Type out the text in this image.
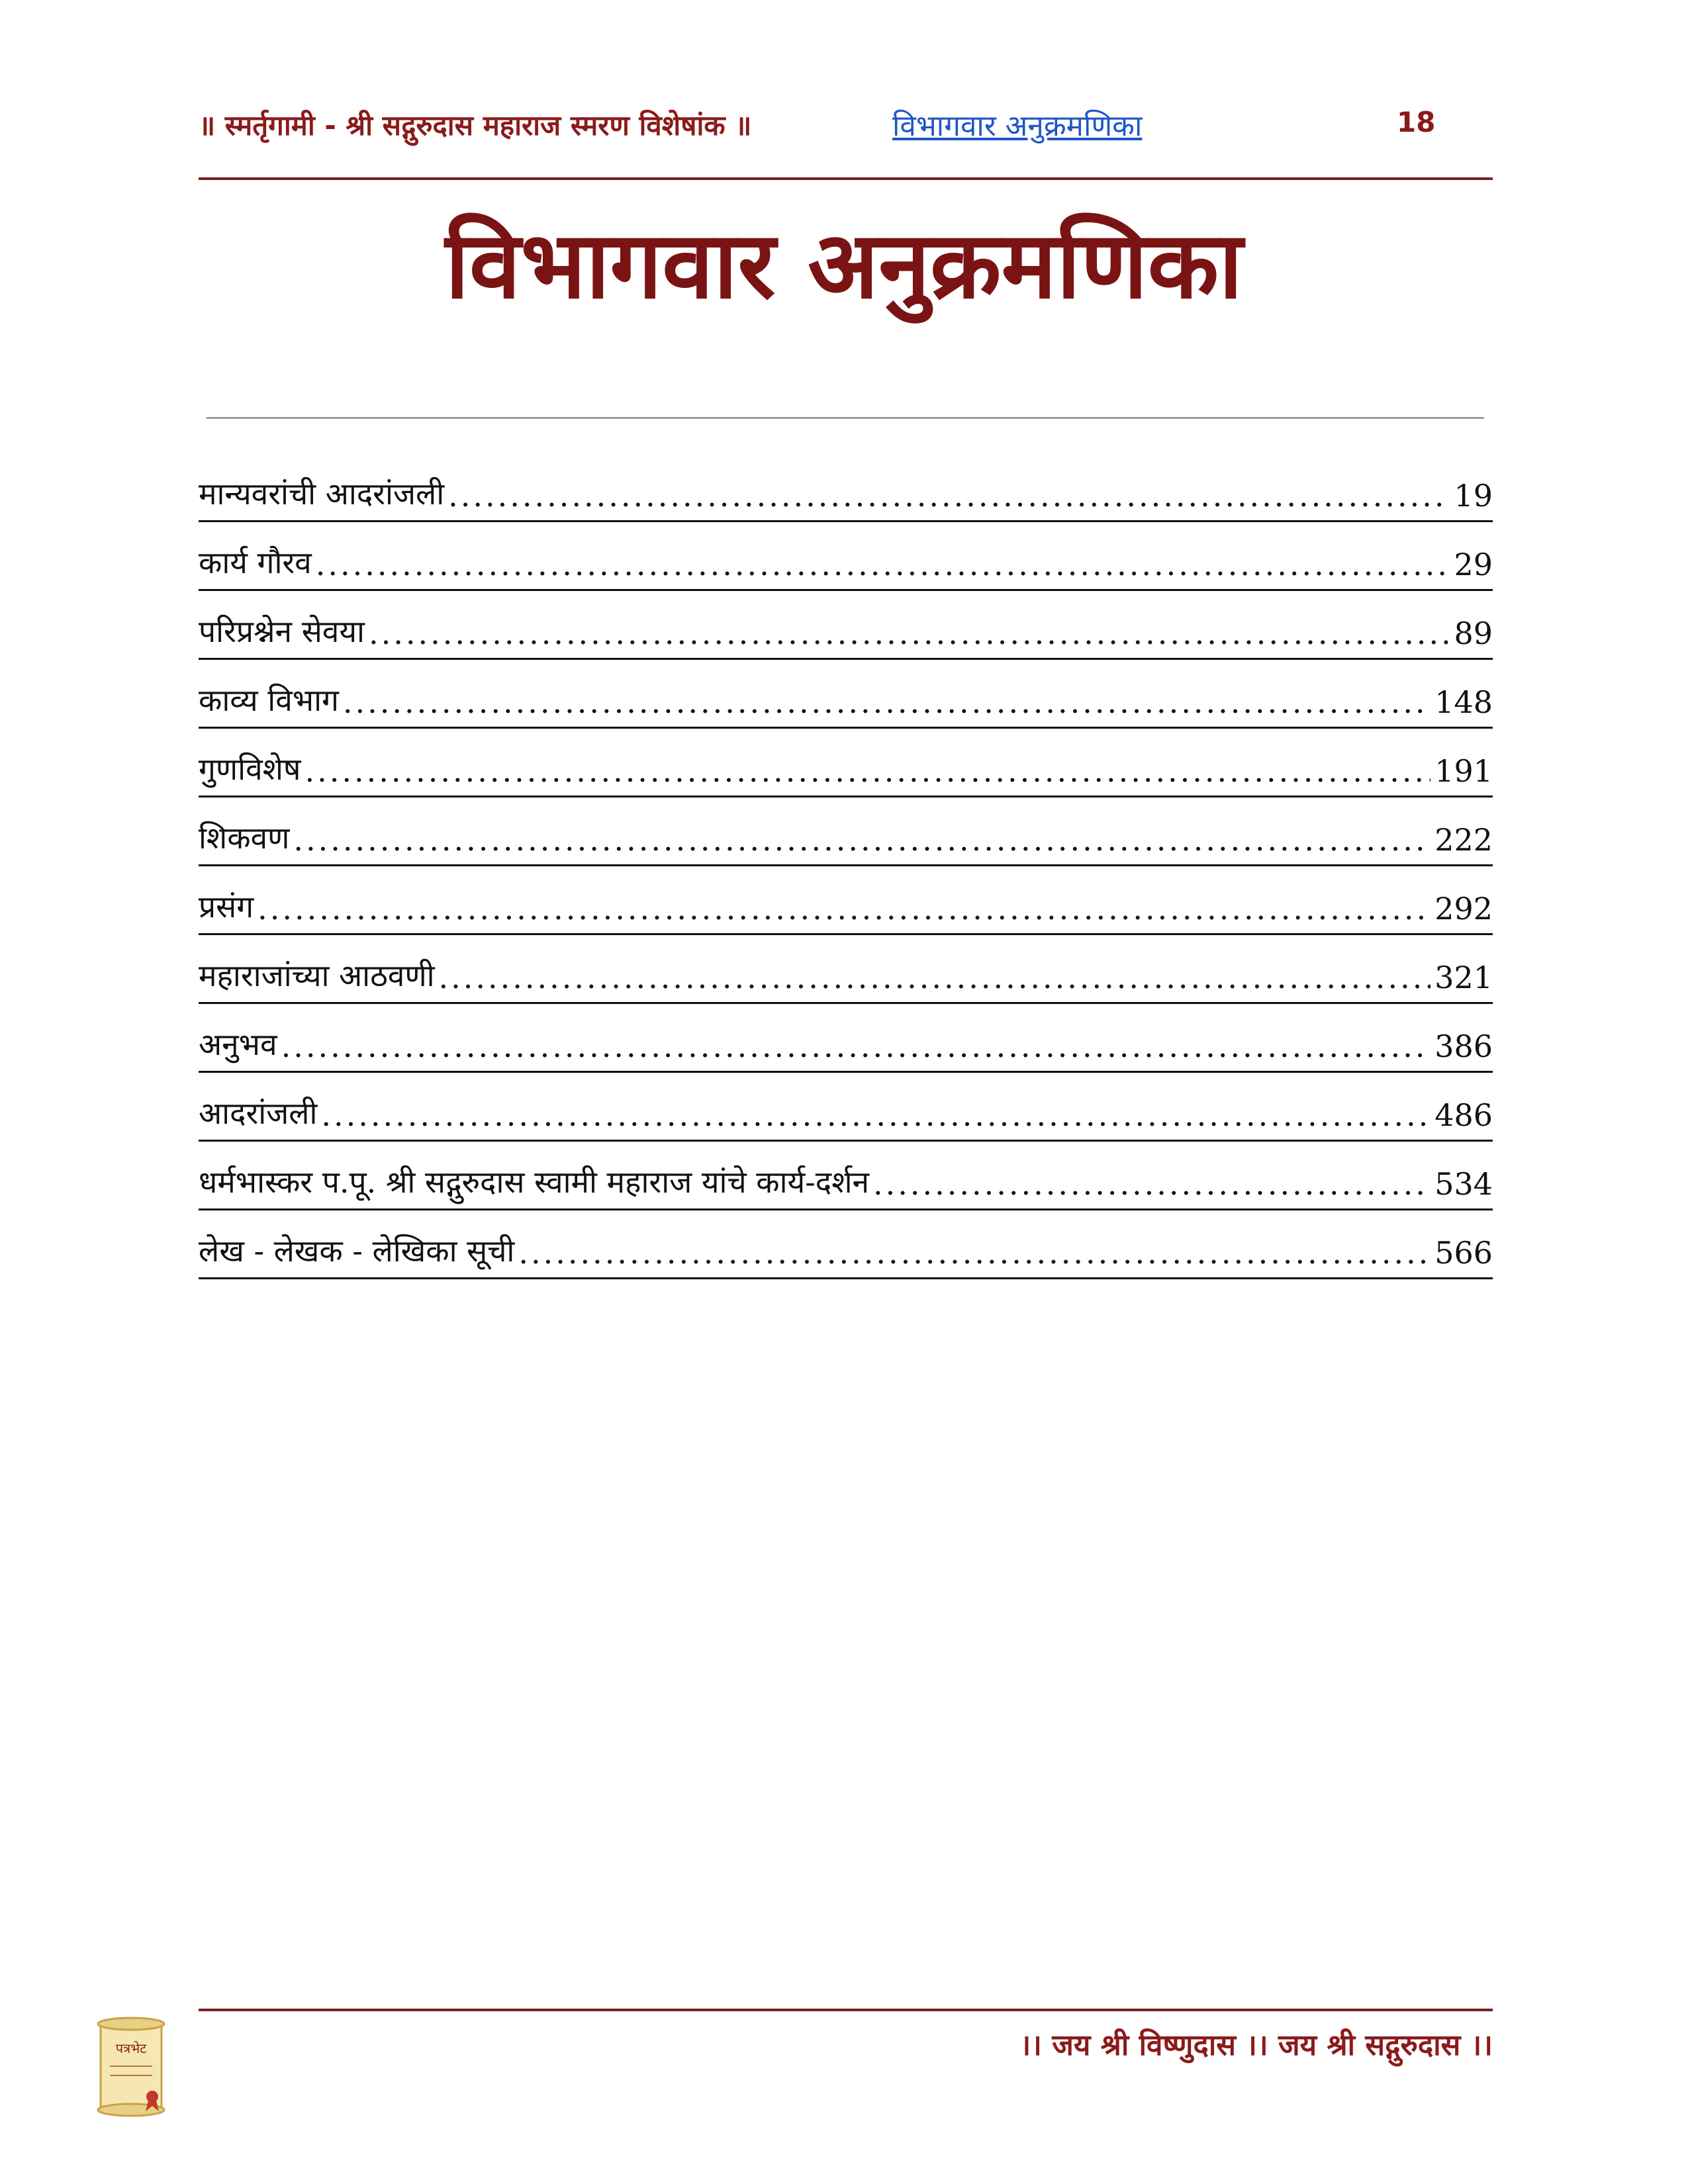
॥ स्मर्तृगामी - श्री सद्गुरुदास महाराज स्मरण विशेषांक ॥	विभागवार अनुक्रमणिका	18
विभागवार अनुक्रमणिका
मान्यवरांची आदरांजली .....	19
कार्य गौरव .....	29
परिप्रश्नेन सेवया .....	89
काव्य विभाग .....	148
गुणविशेष .....	191
शिकवण .....	222
प्रसंग .....	292
महाराजांच्या आठवणी .....	321
अनुभव .....	386
आदरांजली .....	486
धर्मभास्कर प.पू. श्री सद्गुरुदास स्वामी महाराज यांचे कार्य-दर्शन .....	534
लेख - लेखक - लेखिका सूची .....	566
।। जय श्री विष्णुदास ।। जय श्री सद्गुरुदास ।।
पत्रभेट
